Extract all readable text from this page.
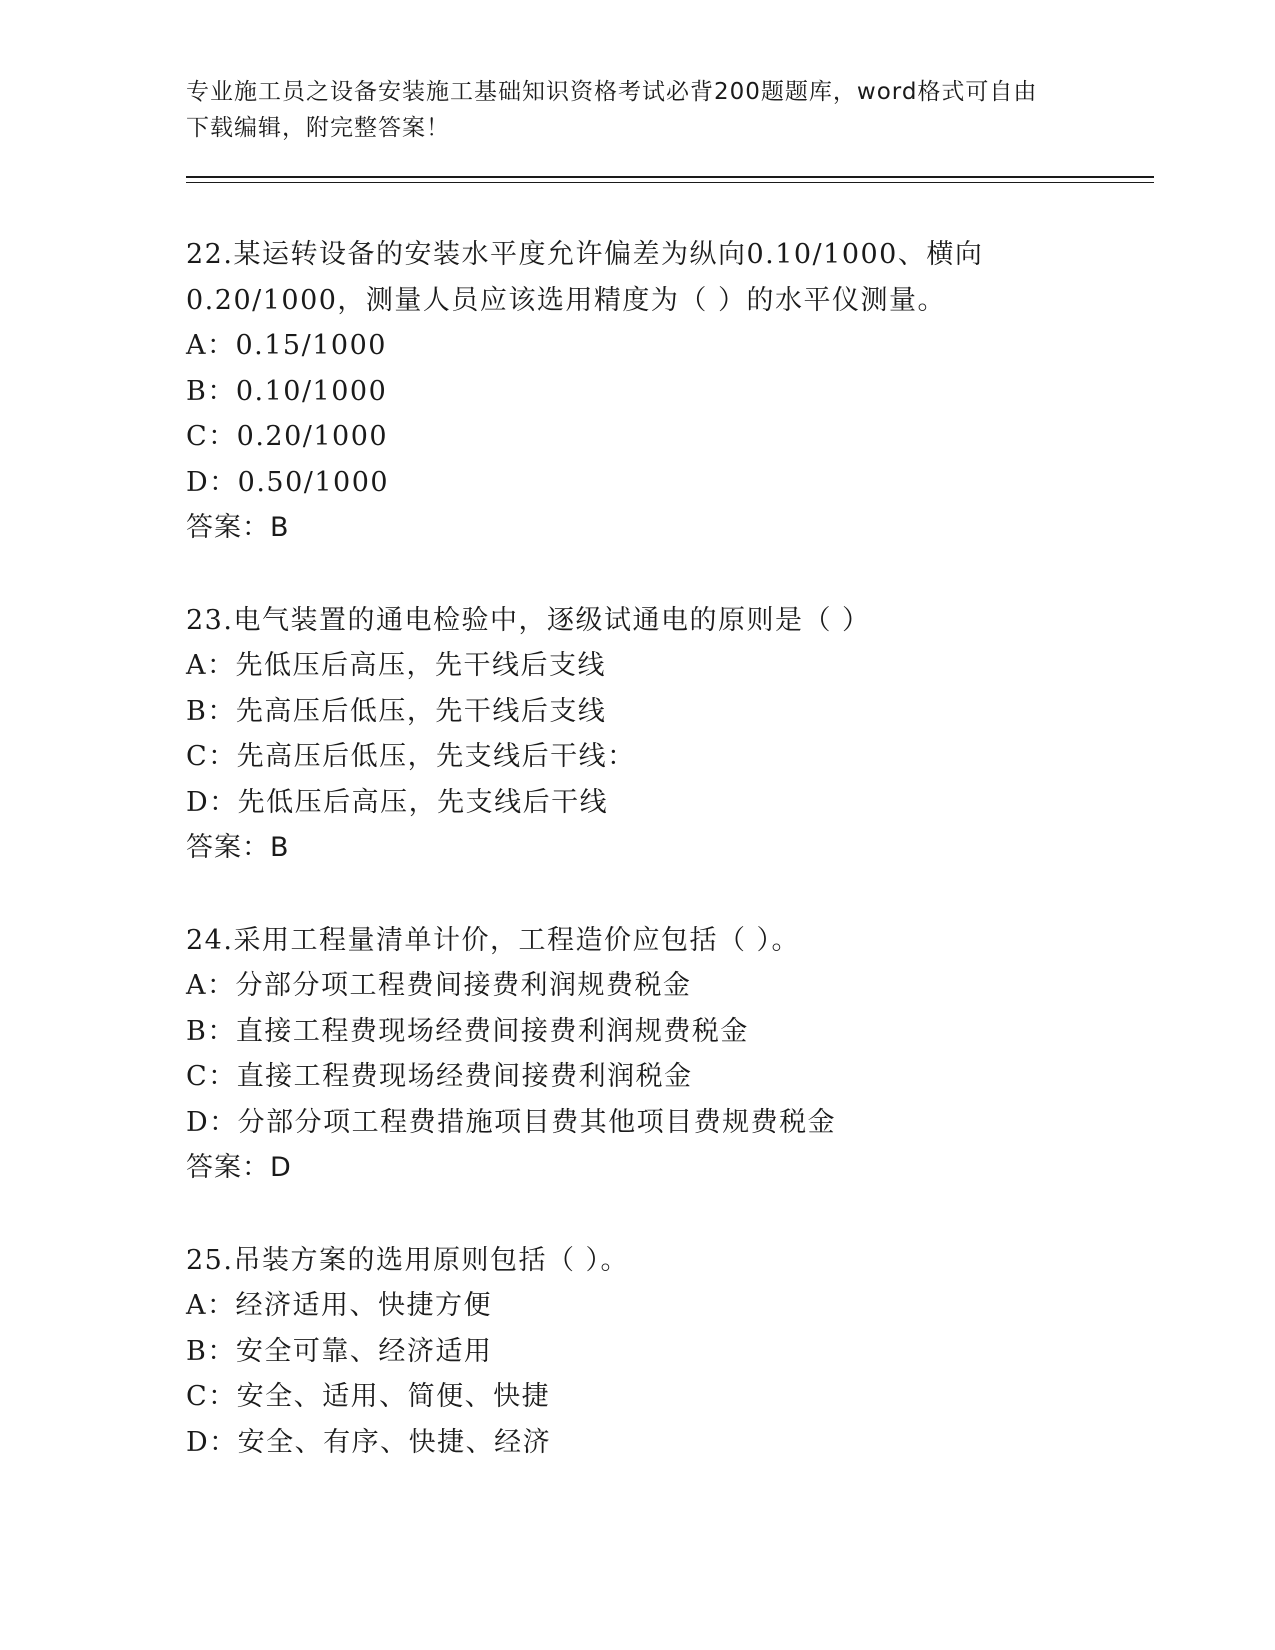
专业施工员之设备安装施工基础知识资格考试必背200题题库，word格式可自由
下载编辑，附完整答案！
22.某运转设备的安装水平度允许偏差为纵向0.10/1000、横向
0.20/1000，测量人员应该选用精度为（ ）的水平仪测量。
A：0.15/1000
B：0.10/1000
C：0.20/1000
D：0.50/1000
答案：B
23.电气装置的通电检验中，逐级试通电的原则是（ ）
A：先低压后高压，先干线后支线
B：先高压后低压，先干线后支线
C：先高压后低压，先支线后干线：
D：先低压后高压，先支线后干线
答案：B
24.采用工程量清单计价，工程造价应包括（ ）。
A：分部分项工程费间接费利润规费税金
B：直接工程费现场经费间接费利润规费税金
C：直接工程费现场经费间接费利润税金
D：分部分项工程费措施项目费其他项目费规费税金
答案：D
25.吊装方案的选用原则包括（ ）。
A：经济适用、快捷方便
B：安全可靠、经济适用
C：安全、适用、简便、快捷
D：安全、有序、快捷、经济
